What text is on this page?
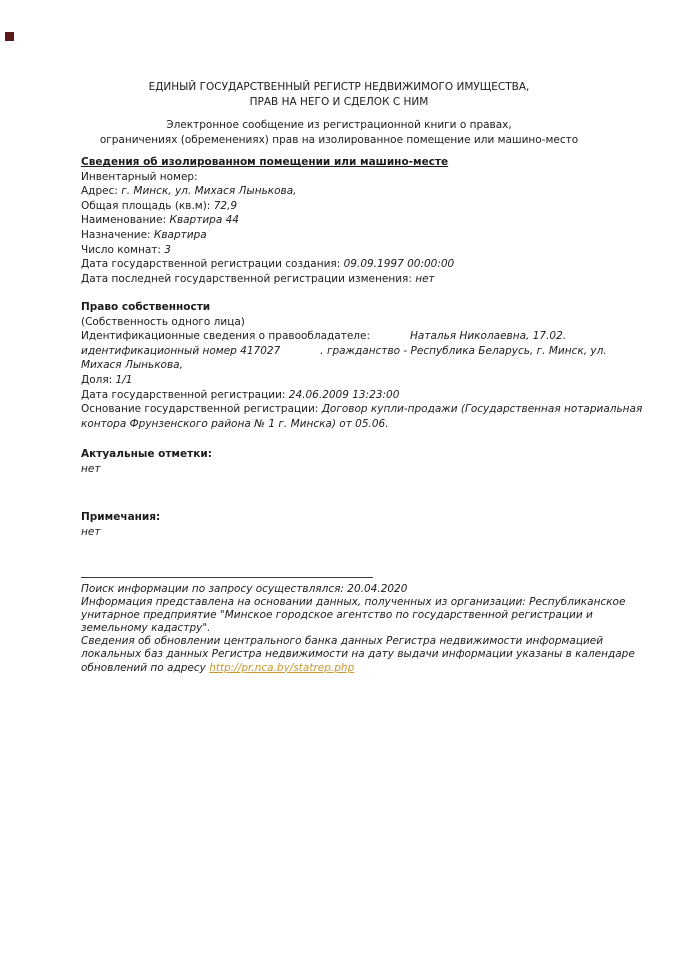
ЕДИНЫЙ ГОСУДАРСТВЕННЫЙ РЕГИСТР НЕДВИЖИМОГО ИМУЩЕСТВА,
ПРАВ НА НЕГО И СДЕЛОК С НИМ
Электронное сообщение из регистрационной книги о правах,
ограничениях (обременениях) прав на изолированное помещение или машино-место
Сведения об изолированном помещении или машино-месте
Инвентарный номер:
Адрес: г. Минск, ул. Михася Лынькова,
Общая площадь (кв.м): 72,9
Наименование: Квартира 44
Назначение: Квартира
Число комнат: 3
Дата государственной регистрации создания: 09.09.1997 00:00:00
Дата последней государственной регистрации изменения: нет
Право собственности
(Собственность одного лица)
Идентификационные сведения о правообладателе:	Наталья Николаевна, 17.02.
идентификационный номер 417027	. гражданство - Республика Беларусь, г. Минск, ул.
Михася Лынькова,
Доля: 1/1
Дата государственной регистрации: 24.06.2009 13:23:00
Основание государственной регистрации: Договор купли-продажи (Государственная нотариальная
контора Фрунзенского района № 1 г. Минска) от 05.06.
Актуальные отметки:
нет
Примечания:
нет
Поиск информации по запросу осуществлялся: 20.04.2020
Информация представлена на основании данных, полученных из организации: Республиканское
унитарное предприятие "Минское городское агентство по государственной регистрации и
земельному кадастру".
Сведения об обновлении центрального банка данных Регистра недвижимости информацией
локальных баз данных Регистра недвижимости на дату выдачи информации указаны в календаре
обновлений по адресу http://pr.nca.by/statrep.php
